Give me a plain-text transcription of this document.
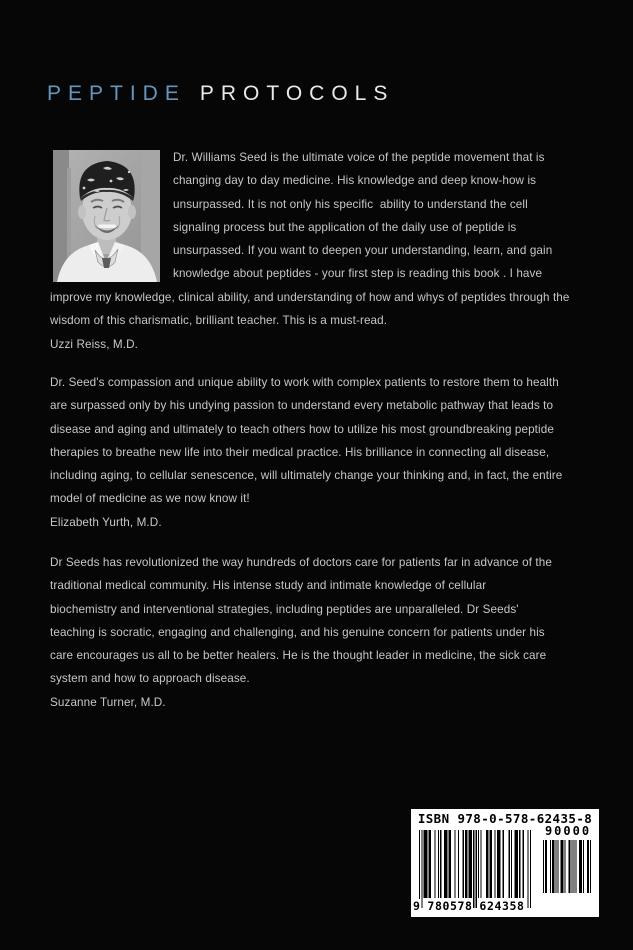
PEPTIDE PROTOCOLS
Dr. Williams Seed is the ultimate voice of the peptide movement that is
changing day to day medicine. His knowledge and deep know-how is
unsurpassed. It is not only his specific  ability to understand the cell
signaling process but the application of the daily use of peptide is
unsurpassed. If you want to deepen your understanding, learn, and gain
knowledge about peptides - your first step is reading this book . I have
improve my knowledge, clinical ability, and understanding of how and whys of peptides through the
wisdom of this charismatic, brilliant teacher. This is a must-read.
Uzzi Reiss, M.D.
Dr. Seed's compassion and unique ability to work with complex patients to restore them to health
are surpassed only by his undying passion to understand every metabolic pathway that leads to
disease and aging and ultimately to teach others how to utilize his most groundbreaking peptide
therapies to breathe new life into their medical practice. His brilliance in connecting all disease,
including aging, to cellular senescence, will ultimately change your thinking and, in fact, the entire
model of medicine as we now know it!
Elizabeth Yurth, M.D.
Dr Seeds has revolutionized the way hundreds of doctors care for patients far in advance of the
traditional medical community. His intense study and intimate knowledge of cellular
biochemistry and interventional strategies, including peptides are unparalleled. Dr Seeds'
teaching is socratic, engaging and challenging, and his genuine concern for patients under his
care encourages us all to be better healers. He is the thought leader in medicine, the sick care
system and how to approach disease.
Suzanne Turner, M.D.
ISBN 978-0-578-62435-8
90000
9 780578 624358
